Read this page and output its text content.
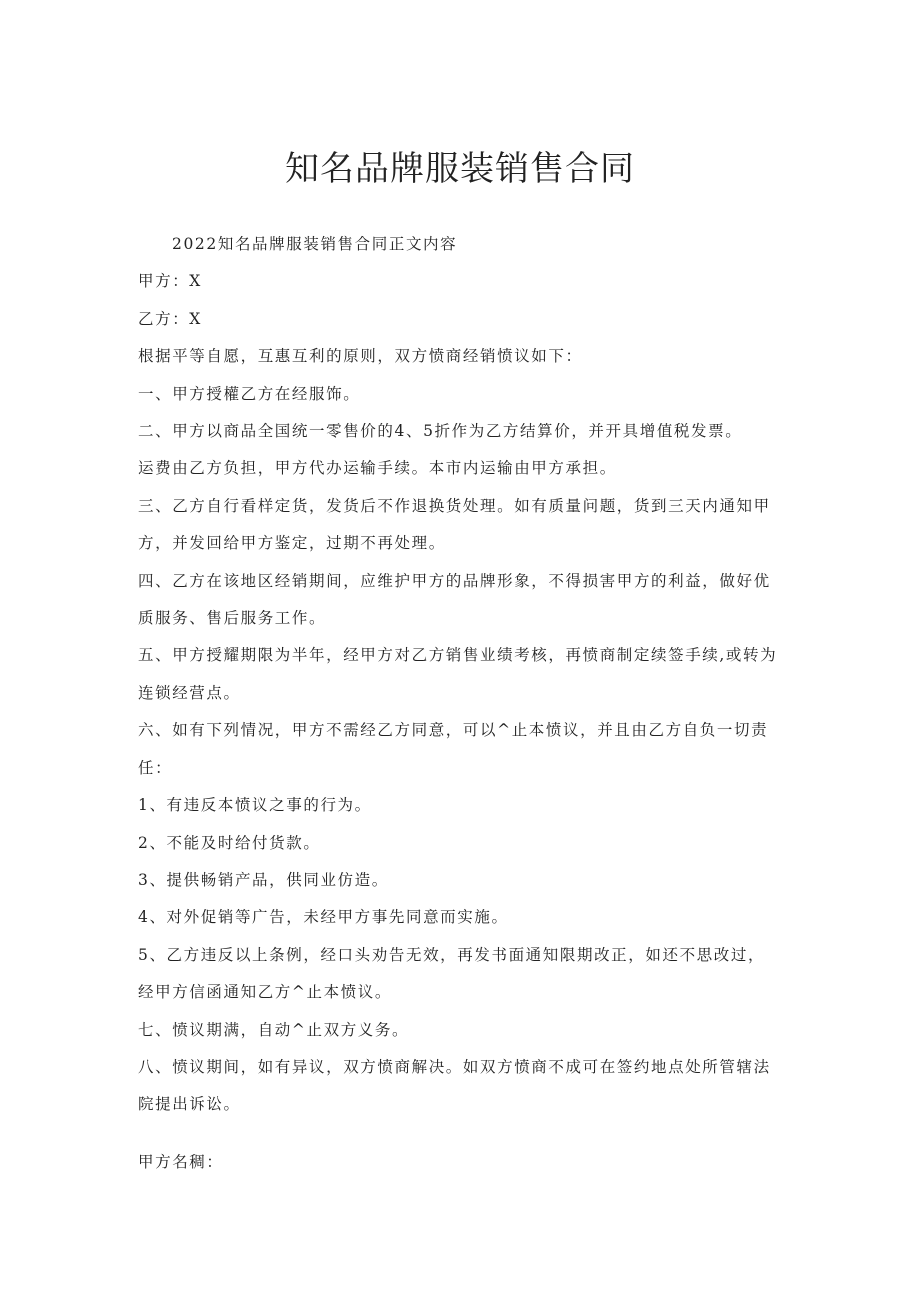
知名品牌服装销售合同

2022知名品牌服装销售合同正文内容

甲方：X

乙方：X

根据平等自愿，互惠互利的原则，双方愤商经销愤议如下：

一、甲方授權乙方在经服饰。

二、甲方以商品全国统一零售价的4、5折作为乙方结算价，并开具增值税发票。

运费由乙方负担，甲方代办运输手续。本市内运输由甲方承担。

三、乙方自行看样定货，发货后不作退换货处理。如有质量问题，货到三天内通知甲方，并发回给甲方鉴定，过期不再处理。

四、乙方在该地区经销期间，应维护甲方的品牌形象，不得损害甲方的利益，做好优质服务、售后服务工作。

五、甲方授耀期限为半年，经甲方对乙方销售业绩考核，再愤商制定续签手续,或转为连锁经营点。

六、如有下列情况，甲方不需经乙方同意，可以^止本愤议，并且由乙方自负一切责任：

1、有违反本愤议之事的行为。

2、不能及时给付货款。

3、提供畅销产品，供同业仿造。

4、对外促销等广告，未经甲方事先同意而实施。

5、乙方违反以上条例，经口头劝告无效，再发书面通知限期改正，如还不思改过，经甲方信函通知乙方^止本愤议。

七、愤议期满，自动^止双方义务。

八、愤议期间，如有异议，双方愤商解决。如双方愤商不成可在签约地点处所管辖法院提出诉讼。

甲方名稠：
